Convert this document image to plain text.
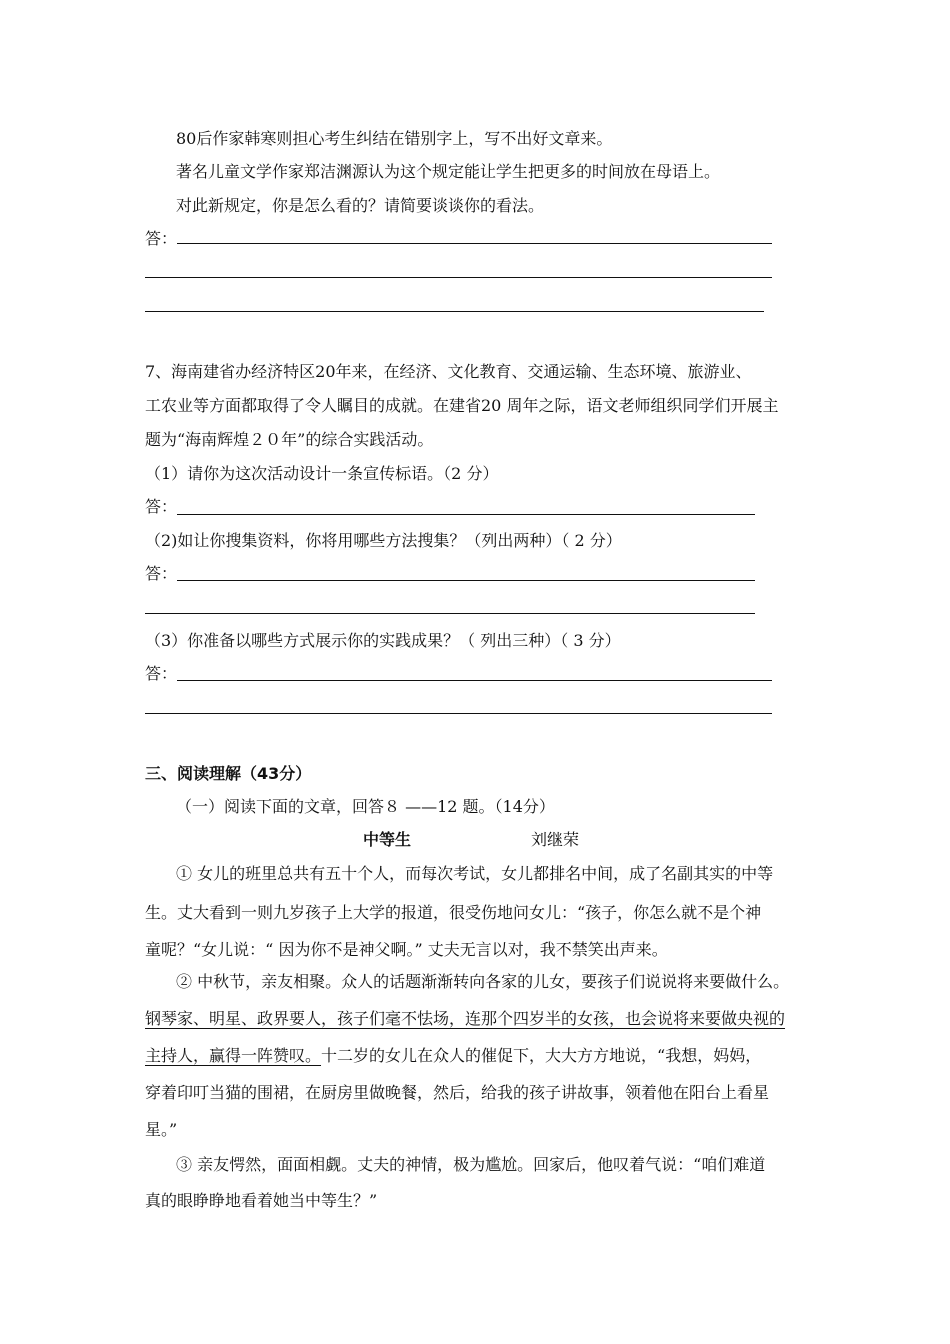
80后作家韩寒则担心考生纠结在错别字上，写不出好文章来。
著名儿童文学作家郑洁渊源认为这个规定能让学生把更多的时间放在母语上。
对此新规定，你是怎么看的？请简要谈谈你的看法。
答：
7、海南建省办经济特区20年来，在经济、文化教育、交通运输、生态环境、旅游业、
工农业等方面都取得了令人瞩目的成就。在建省20 周年之际，语文老师组织同学们开展主
题为“海南辉煌２０年”的综合实践活动。
（1）请你为这次活动设计一条宣传标语。（2 分）
答：
（2)如让你搜集资料，你将用哪些方法搜集？（列出两种）（ 2 分）
答：
（3）你准备以哪些方式展示你的实践成果？（ 列出三种）（ 3 分）
答：
三、阅读理解（43分）
（一）阅读下面的文章，回答８ ——12 题。（14分）
中等生	刘继荣
① 女儿的班里总共有五十个人，而每次考试，女儿都排名中间，成了名副其实的中等
生。丈大看到一则九岁孩子上大学的报道，很受伤地问女儿：“孩子，你怎么就不是个神
童呢？“女儿说：“ 因为你不是神父啊。” 丈夫无言以对，我不禁笑出声来。
② 中秋节，亲友相聚。众人的话题渐渐转向各家的儿女，要孩子们说说将来要做什么。
钢琴家、明星、政界要人，孩子们毫不怯场，连那个四岁半的女孩，也会说将来要做央视的
主持人，赢得一阵赞叹。十二岁的女儿在众人的催促下，大大方方地说，“我想，妈妈，
穿着印叮当猫的围裙，在厨房里做晚餐，然后，给我的孩子讲故事，领着他在阳台上看星
星。”
③ 亲友愕然，面面相觑。丈夫的神情，极为尴尬。回家后，他叹着气说：“咱们难道
真的眼睁睁地看着她当中等生？”
